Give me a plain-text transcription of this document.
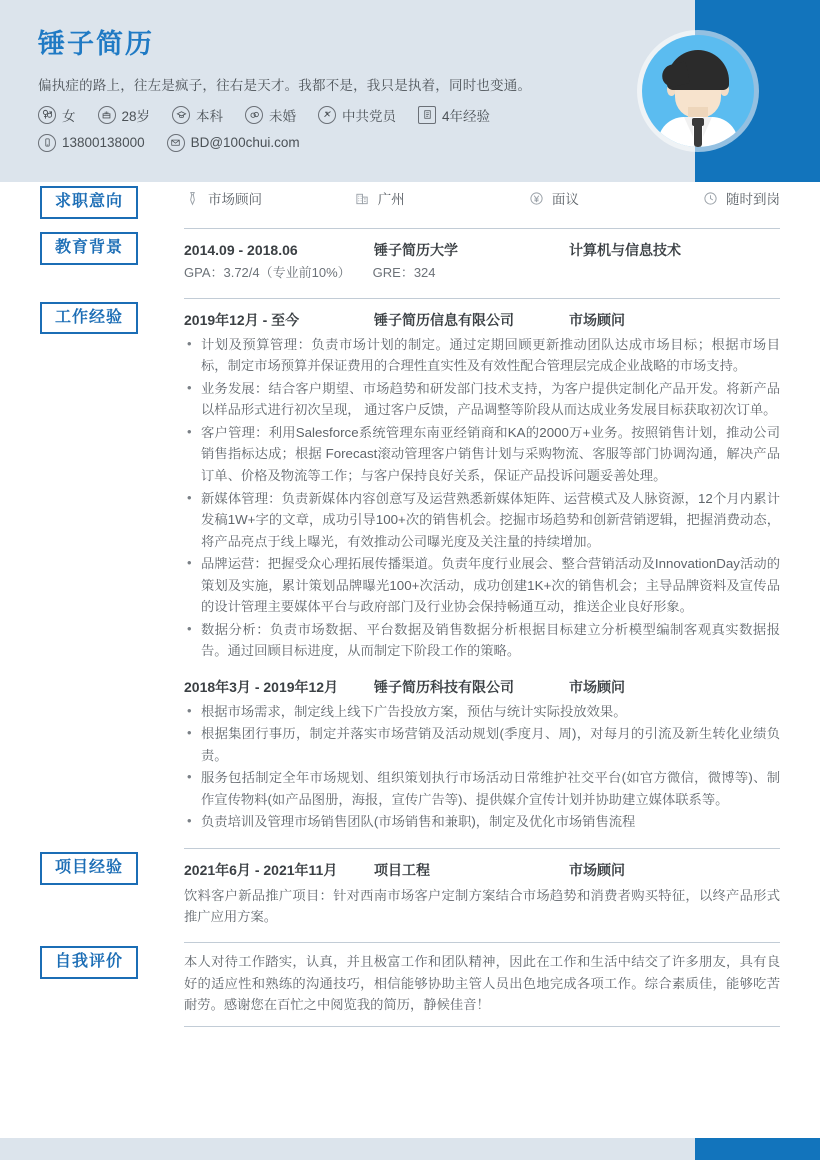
锤子简历
偏执症的路上，往左是疯子，往右是天才。我都不是，我只是执着，同时也变通。
女	28岁	本科	未婚	中共党员	4年经验
13800138000	BD@100chui.com
求职意向	市场顾问	广州	面议	随时到岗
教育背景	2014.09 - 2018.06	锤子简历大学	计算机与信息技术
GPA：3.72/4（专业前10%） GRE：324
工作经验	2019年12月 - 至今	锤子简历信息有限公司	市场顾问
• 计划及预算管理：负责市场计划的制定。通过定期回顾更新推动团队达成市场目标；根据市场目标，制定市场预算并保证费用的合理性直实性及有效性配合管理层完成企业战略的市场支持。
• 业务发展：结合客户期望、市场趋势和研发部门技术支持，为客户提供定制化产品开发。将新产品以样品形式进行初次呈现， 通过客户反馈，产品调整等阶段从而达成业务发展目标获取初次订单。
• 客户管理：利用Salesforce系统管理东南亚经销商和KA的2000万+业务。按照销售计划，推动公司销售指标达成；根据 Forecast滚动管理客户销售计划与采购物流、客服等部门协调沟通，解决产品订单、价格及物流等工作；与客户保持良好关系，保证产品投诉问题妥善处理。
• 新媒体管理：负责新媒体内容创意写及运营熟悉新媒体矩阵、运营模式及人脉资源，12个月内累计发稿1W+字的文章，成功引导100+次的销售机会。挖掘市场趋势和创新营销逻辑，把握消费动态，将产品亮点于线上曝光，有效推动公司曝光度及关注量的持续增加。
• 品牌运营：把握受众心理拓展传播渠道。负责年度行业展会、整合营销活动及InnovationDay活动的策划及实施，累计策划品牌曝光100+次活动，成功创建1K+次的销售机会；主导品牌资料及宣传品的设计管理主要媒体平台与政府部门及行业协会保持畅通互动，推送企业良好形象。
• 数据分析：负责市场数据、平台数据及销售数据分析根据目标建立分析模型编制客观真实数据报告。通过回顾目标进度，从而制定下阶段工作的策略。
2018年3月 - 2019年12月	锤子简历科技有限公司	市场顾问
• 根据市场需求，制定线上线下广告投放方案，预估与统计实际投放效果。
• 根据集团行事历，制定并落实市场营销及活动规划(季度月、周)，对每月的引流及新生转化业绩负责。
• 服务包括制定全年市场规划、组织策划执行市场活动日常维护社交平台(如官方微信，微博等)、制作宣传物料(如产品图册，海报，宣传广告等)、提供媒介宣传计划并协助建立媒体联系等。
• 负责培训及管理市场销售团队(市场销售和兼职)，制定及优化市场销售流程
项目经验	2021年6月 - 2021年11月	项目工程	市场顾问

饮料客户新品推广项目：针对西南市场客户定制方案结合市场趋势和消费者购买特征，以终产品形式推广应用方案。

自我评价	本人对待工作踏实，认真，并且极富工作和团队精神，因此在工作和生活中结交了许多朋友，具有良好的适应性和熟练的沟通技巧，相信能够协助主管人员出色地完成各项工作。综合素质佳，能够吃苦耐劳。感谢您在百忙之中阅览我的简历，静候佳音！
